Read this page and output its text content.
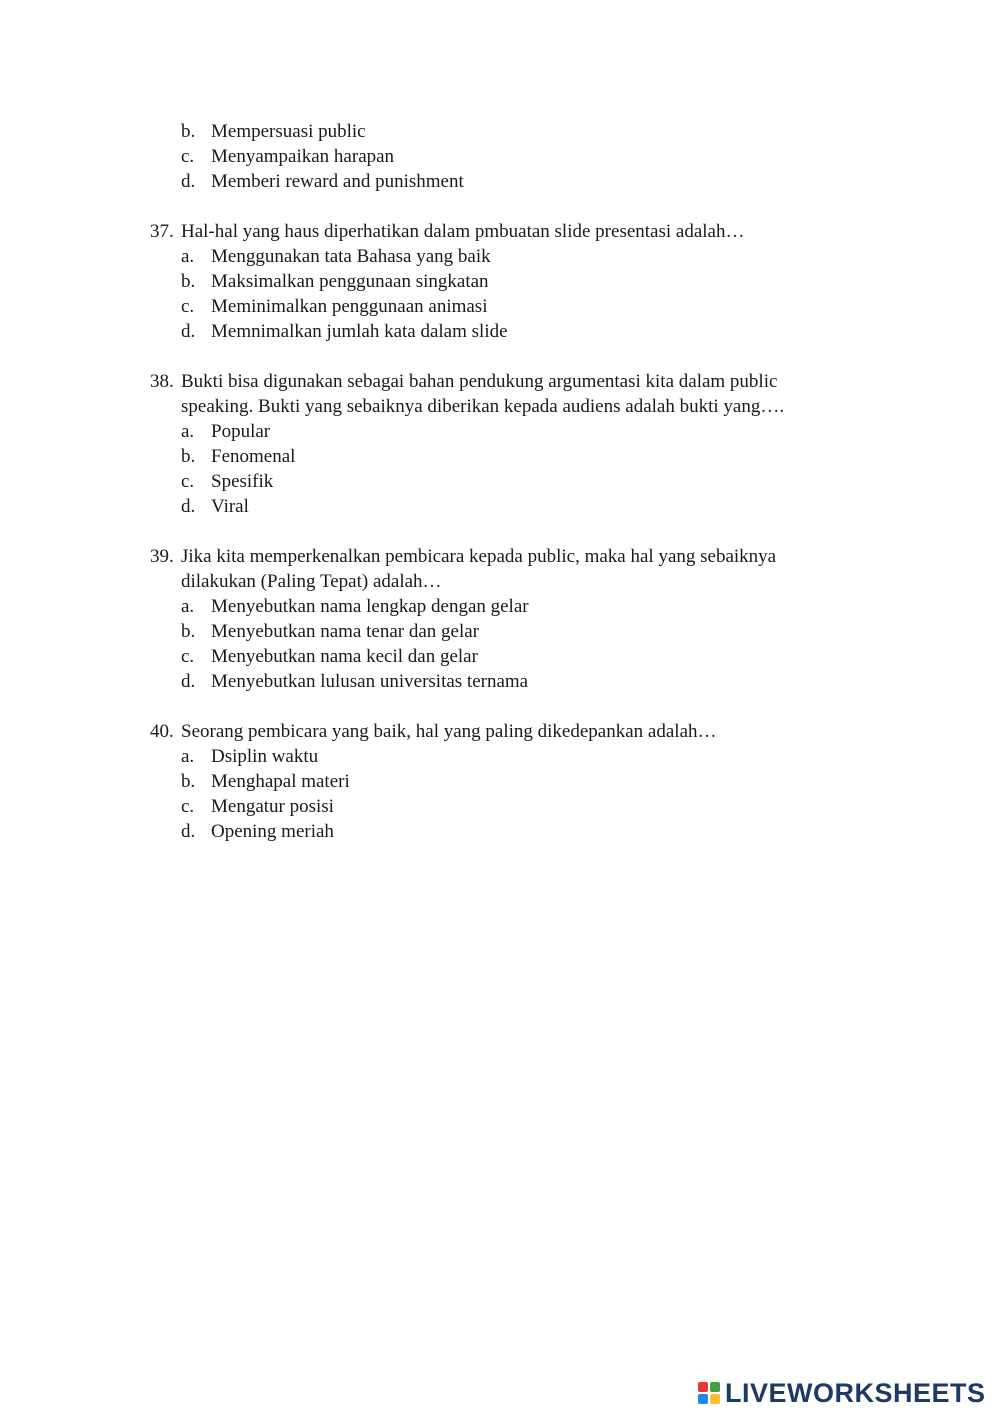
b. Mempersuasi public
c. Menyampaikan harapan
d. Memberi reward and punishment
37. Hal-hal yang haus diperhatikan dalam pmbuatan slide presentasi adalah…
a. Menggunakan tata Bahasa yang baik
b. Maksimalkan penggunaan singkatan
c. Meminimalkan penggunaan animasi
d. Memnimalkan jumlah kata dalam slide
38. Bukti bisa digunakan sebagai bahan pendukung argumentasi kita dalam public speaking. Bukti yang sebaiknya diberikan kepada audiens adalah bukti yang….
a. Popular
b. Fenomenal
c. Spesifik
d. Viral
39. Jika kita memperkenalkan pembicara kepada public, maka hal yang sebaiknya dilakukan (Paling Tepat) adalah…
a. Menyebutkan nama lengkap dengan gelar
b. Menyebutkan nama tenar dan gelar
c. Menyebutkan nama kecil dan gelar
d. Menyebutkan lulusan universitas ternama
40. Seorang pembicara yang baik, hal yang paling dikedepankan adalah…
a. Dsiplin waktu
b. Menghapal materi
c. Mengatur posisi
d. Opening meriah
LIVEWORKSHEETS
